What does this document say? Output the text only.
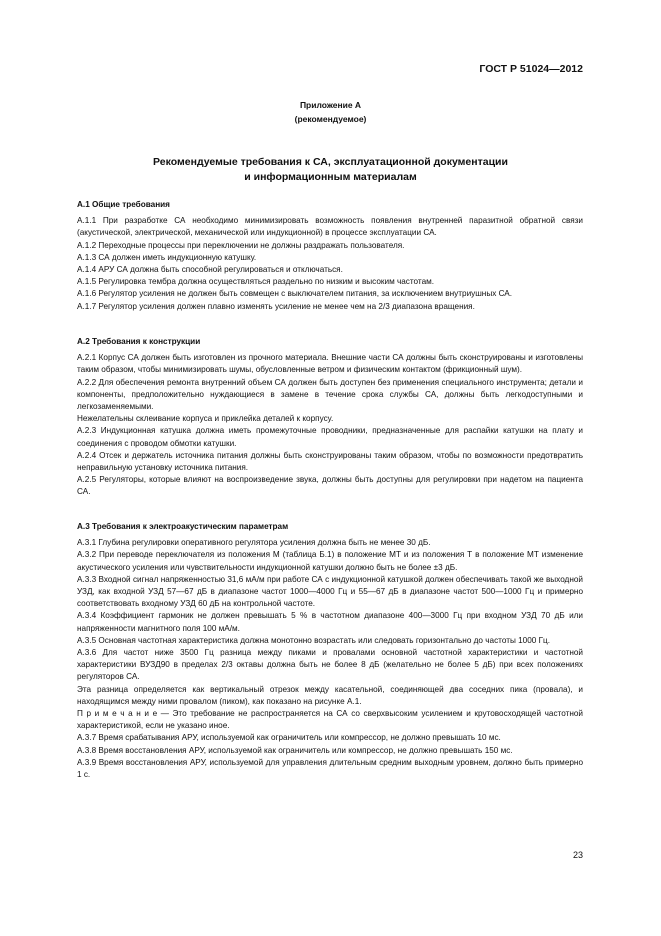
ГОСТ Р 51024—2012
Приложение А
(рекомендуемое)
Рекомендуемые требования к СА, эксплуатационной документации
и информационным материалам
А.1 Общие требования

А.1.1 При разработке СА необходимо минимизировать возможность появления внутренней паразитной обратной связи (акустической, электрической, механической или индукционной) в процессе эксплуатации СА.

А.1.2 Переходные процессы при переключении не должны раздражать пользователя.

А.1.3 СА должен иметь индукционную катушку.

А.1.4 АРУ СА должна быть способной регулироваться и отключаться.

А.1.5 Регулировка тембра должна осуществляться раздельно по низким и высоким частотам.

А.1.6 Регулятор усиления не должен быть совмещен с выключателем питания, за исключением внутриушных СА.

А.1.7 Регулятор усиления должен плавно изменять усиление не менее чем на 2/3 диапазона вращения.

А.2 Требования к конструкции

А.2.1 Корпус СА должен быть изготовлен из прочного материала. Внешние части СА должны быть сконструированы и изготовлены таким образом, чтобы минимизировать шумы, обусловленные ветром и физическим контактом (фрикционный шум).

А.2.2 Для обеспечения ремонта внутренний объем СА должен быть доступен без применения специального инструмента; детали и компоненты, предположительно нуждающиеся в замене в течение срока службы СА, должны быть легкодоступными и легкозаменяемыми.

Нежелательны склеивание корпуса и приклейка деталей к корпусу.

А.2.3 Индукционная катушка должна иметь промежуточные проводники, предназначенные для распайки катушки на плату и соединения с проводом обмотки катушки.

А.2.4 Отсек и держатель источника питания должны быть сконструированы таким образом, чтобы по возможности предотвратить неправильную установку источника питания.

А.2.5 Регуляторы, которые влияют на воспроизведение звука, должны быть доступны для регулировки при надетом на пациента СА.

А.3 Требования к электроакустическим параметрам

А.3.1 Глубина регулировки оперативного регулятора усиления должна быть не менее 30 дБ.

А.3.2 При переводе переключателя из положения М (таблица Б.1) в положение МТ и из положения Т в положение МТ изменение акустического усиления или чувствительности индукционной катушки должно быть не более ±3 дБ.

А.3.3 Входной сигнал напряженностью 31,6 мА/м при работе СА с индукционной катушкой должен обеспечивать такой же выходной УЗД, как входной УЗД 57—67 дБ в диапазоне частот 1000—4000 Гц и 55—67 дБ в диапазоне частот 500—1000 Гц и примерно соответствовать входному УЗД 60 дБ на контрольной частоте.

А.3.4 Коэффициент гармоник не должен превышать 5 % в частотном диапазоне 400—3000 Гц при входном УЗД 70 дБ или напряженности магнитного поля 100 мА/м.

А.3.5 Основная частотная характеристика должна монотонно возрастать или следовать горизонтально до частоты 1000 Гц.

А.3.6 Для частот ниже 3500 Гц разница между пиками и провалами основной частотной характеристики и частотной характеристики ВУЗД90 в пределах 2/3 октавы должна быть не более 8 дБ (желательно не более 5 дБ) при всех положениях регуляторов СА.

Эта разница определяется как вертикальный отрезок между касательной, соединяющей два соседних пика (провала), и находящимся между ними провалом (пиком), как показано на рисунке А.1.

П р и м е ч а н и е — Это требование не распространяется на СА со сверхвысоким усилением и крутовосходящей частотной характеристикой, если не указано иное.

А.3.7 Время срабатывания АРУ, используемой как ограничитель или компрессор, не должно превышать 10 мс.

А.3.8 Время восстановления АРУ, используемой как ограничитель или компрессор, не должно превышать 150 мс.

А.3.9 Время восстановления АРУ, используемой для управления длительным средним выходным уровнем, должно быть примерно 1 с.

23
